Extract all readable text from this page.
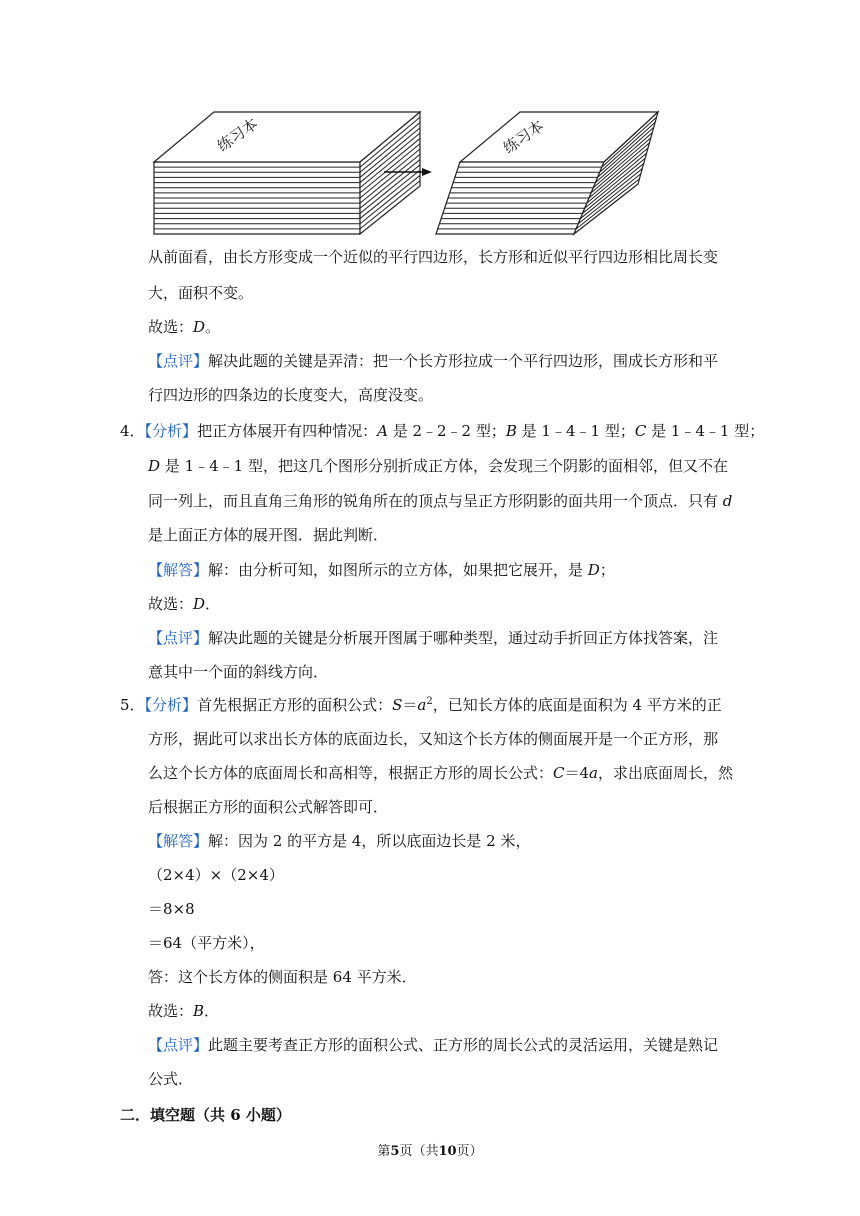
练习本	练习本
从前面看，由长方形变成一个近似的平行四边形，长方形和近似平行四边形相比周长变
大，面积不变。
故选：D。
【点评】解决此题的关键是弄清：把一个长方形拉成一个平行四边形，围成长方形和平
行四边形的四条边的长度变大，高度没变。
4．【分析】把正方体展开有四种情况：A 是 2﹣2﹣2 型；B 是 1﹣4﹣1 型；C 是 1﹣4﹣1 型；
D 是 1﹣4﹣1 型，把这几个图形分别折成正方体，会发现三个阴影的面相邻，但又不在
同一列上，而且直角三角形的锐角所在的顶点与呈正方形阴影的面共用一个顶点．只有 d
是上面正方体的展开图．据此判断．
【解答】解：由分析可知，如图所示的立方体，如果把它展开，是 D；
故选：D．
【点评】解决此题的关键是分析展开图属于哪种类型，通过动手折回正方体找答案，注
意其中一个面的斜线方向．
5．【分析】首先根据正方形的面积公式：$S=a^2$，已知长方体的底面是面积为 4 平方米的正
方形，据此可以求出长方体的底面边长，又知这个长方体的侧面展开是一个正方形，那
么这个长方体的底面周长和高相等，根据正方形的周长公式：C＝4a，求出底面周长，然
后根据正方形的面积公式解答即可．
【解答】解：因为 2 的平方是 4，所以底面边长是 2 米，
（2×4）×（2×4）
＝8×8
＝64（平方米），
答：这个长方体的侧面积是 64 平方米．
故选：B．
【点评】此题主要考查正方形的面积公式、正方形的周长公式的灵活运用，关键是熟记
公式．
二．填空题（共 6 小题）
第5页（共10页）
